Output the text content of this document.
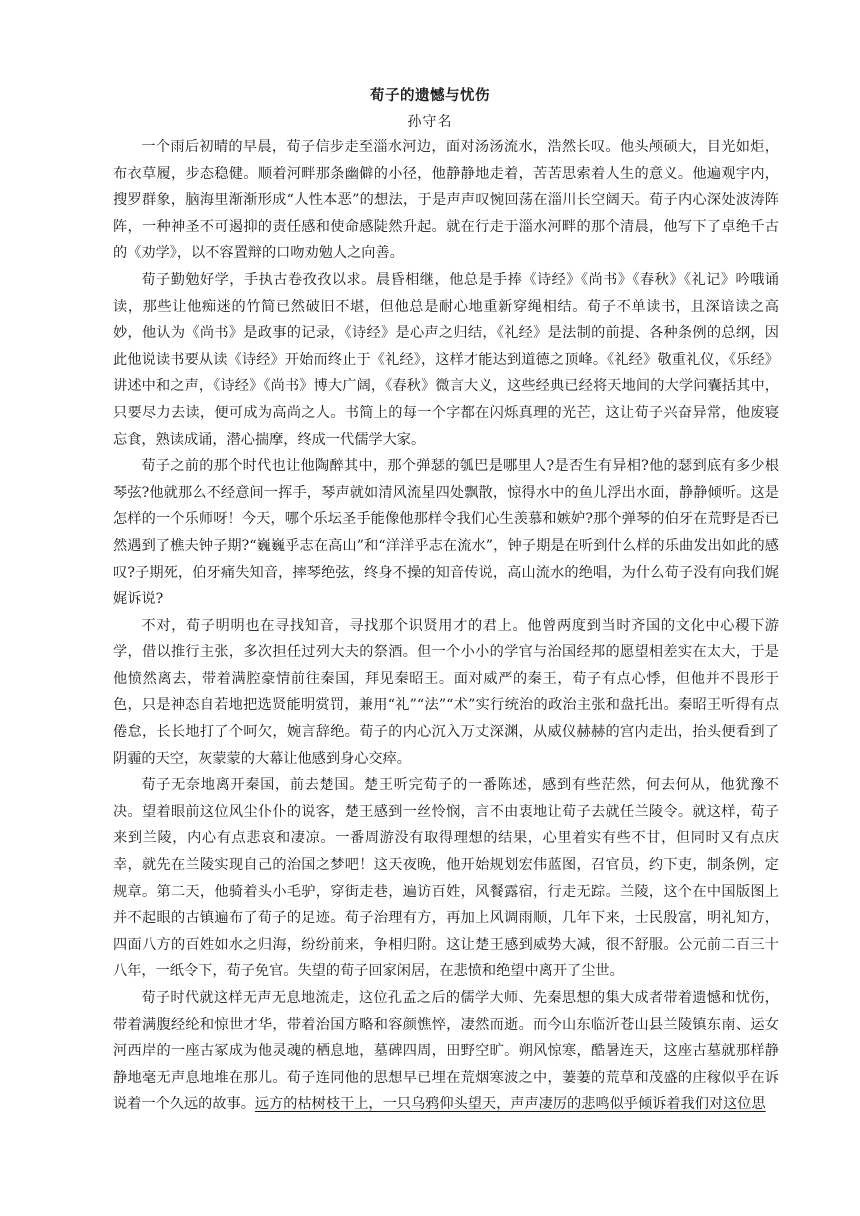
荀子的遗憾与忧伤
孙守名

一个雨后初晴的早晨，荀子信步走至淄水河边，面对汤汤流水，浩然长叹。他头颅硕大，目光如炬，布衣草履，步态稳健。顺着河畔那条幽僻的小径，他静静地走着，苦苦思索着人生的意义。他遍观宇内，搜罗群象，脑海里渐渐形成“人性本恶”的想法，于是声声叹惋回荡在淄川长空阔天。荀子内心深处波涛阵阵，一种神圣不可遏抑的责任感和使命感陡然升起。就在行走于淄水河畔的那个清晨，他写下了卓绝千古的《劝学》，以不容置辩的口吻劝勉人之向善。

荀子勤勉好学，手执古卷孜孜以求。晨昏相继，他总是手捧《诗经》《尚书》《春秋》《礼记》吟哦诵读，那些让他痴迷的竹简已然破旧不堪，但他总是耐心地重新穿绳相结。荀子不单读书，且深谙读之高妙，他认为《尚书》是政事的记录，《诗经》是心声之归结，《礼经》是法制的前提、各种条例的总纲，因此他说读书要从读《诗经》开始而终止于《礼经》，这样才能达到道德之顶峰。《礼经》敬重礼仪，《乐经》讲述中和之声，《诗经》《尚书》博大广阔，《春秋》微言大义，这些经典已经将天地间的大学问囊括其中，只要尽力去读，便可成为高尚之人。书简上的每一个字都在闪烁真理的光芒，这让荀子兴奋异常，他废寝忘食，熟读成诵，潜心揣摩，终成一代儒学大家。

荀子之前的那个时代也让他陶醉其中，那个弹瑟的瓠巴是哪里人?是否生有异相?他的瑟到底有多少根琴弦?他就那么不经意间一挥手，琴声就如清风流星四处飘散，惊得水中的鱼儿浮出水面，静静倾听。这是怎样的一个乐师呀！今天，哪个乐坛圣手能像他那样令我们心生羡慕和嫉妒?那个弹琴的伯牙在荒野是否已然遇到了樵夫钟子期?“巍巍乎志在高山”和“洋洋乎志在流水”，钟子期是在听到什么样的乐曲发出如此的感叹?子期死，伯牙痛失知音，摔琴绝弦，终身不操的知音传说，高山流水的绝唱，为什么荀子没有向我们娓娓诉说?

不对，荀子明明也在寻找知音，寻找那个识贤用才的君上。他曾两度到当时齐国的文化中心稷下游学，借以推行主张，多次担任过列大夫的祭酒。但一个小小的学官与治国经邦的愿望相差实在太大，于是他愤然离去，带着满腔豪情前往秦国，拜见秦昭王。面对威严的秦王，荀子有点心悸，但他并不畏形于色，只是神态自若地把选贤能明赏罚，兼用“礼”“法”“术”实行统治的政治主张和盘托出。秦昭王听得有点倦怠，长长地打了个呵欠，婉言辞绝。荀子的内心沉入万丈深渊，从威仪赫赫的宫内走出，抬头便看到了阴霾的天空，灰蒙蒙的大幕让他感到身心交瘁。

荀子无奈地离开秦国，前去楚国。楚王听完荀子的一番陈述，感到有些茫然，何去何从，他犹豫不决。望着眼前这位风尘仆仆的说客，楚王感到一丝怜悯，言不由衷地让荀子去就任兰陵令。就这样，荀子来到兰陵，内心有点悲哀和凄凉。一番周游没有取得理想的结果，心里着实有些不甘，但同时又有点庆幸，就先在兰陵实现自己的治国之梦吧！这天夜晚，他开始规划宏伟蓝图，召官员，约下吏，制条例，定规章。第二天，他骑着头小毛驴，穿街走巷，遍访百姓，风餐露宿，行走无踪。兰陵，这个在中国版图上并不起眼的古镇遍布了荀子的足迹。荀子治理有方，再加上风调雨顺，几年下来，士民殷富，明礼知方，四面八方的百姓如水之归海，纷纷前来，争相归附。这让楚王感到威势大减，很不舒服。公元前二百三十八年，一纸令下，荀子免官。失望的荀子回家闲居，在悲愤和绝望中离开了尘世。

荀子时代就这样无声无息地流走，这位孔孟之后的儒学大师、先秦思想的集大成者带着遗憾和忧伤，带着满腹经纶和惊世才华，带着治国方略和容颜憔悴，凄然而逝。而今山东临沂苍山县兰陵镇东南、运女河西岸的一座古冢成为他灵魂的栖息地，墓碑四周，田野空旷。朔风惊寒，酷暑连天，这座古墓就那样静静地毫无声息地堆在那儿。荀子连同他的思想早已埋在荒烟寒波之中，萋萋的荒草和茂盛的庄稼似乎在诉说着一个久远的故事。远方的枯树枝干上，一只乌鸦仰头望天，声声凄厉的悲鸣似乎倾诉着我们对这位思
